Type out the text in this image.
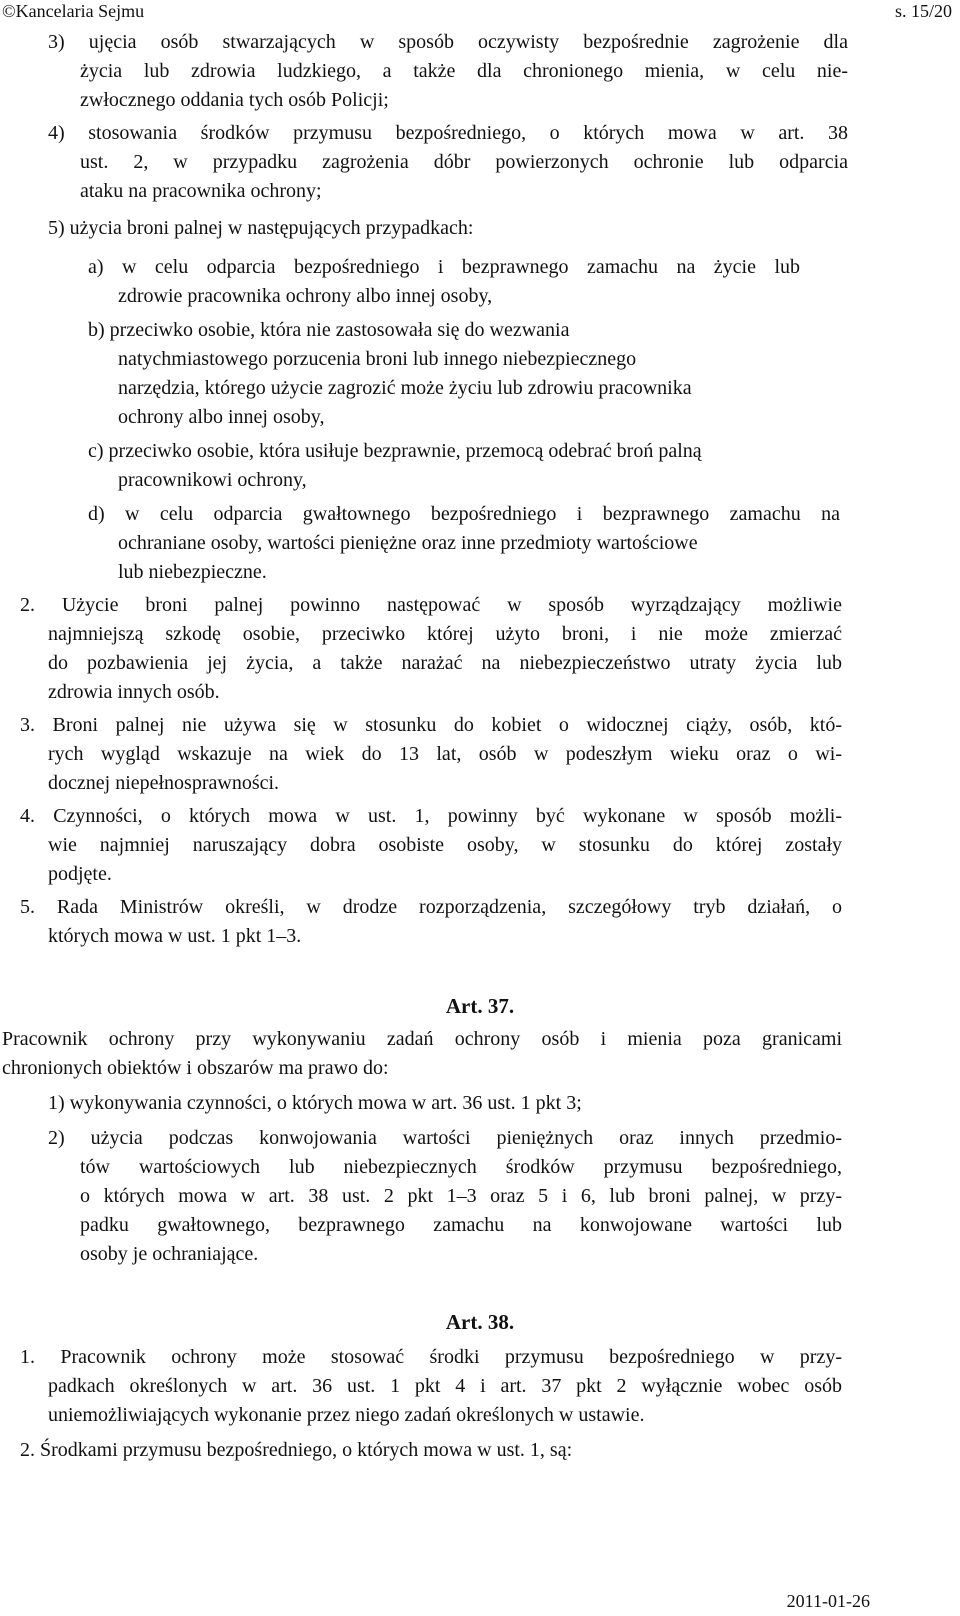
©Kancelaria Sejmu	s. 15/20
3) ujęcia osób stwarzających w sposób oczywisty bezpośrednie zagrożenie dla
życia lub zdrowia ludzkiego, a także dla chronionego mienia, w celu nie-
zwłocznego oddania tych osób Policji;
4) stosowania środków przymusu bezpośredniego, o których mowa w art. 38
ust. 2, w przypadku zagrożenia dóbr powierzonych ochronie lub odparcia
ataku na pracownika ochrony;
5) użycia broni palnej w następujących przypadkach:
a) w celu odparcia bezpośredniego i bezprawnego zamachu na życie lub
zdrowie pracownika ochrony albo innej osoby,
b) przeciwko osobie, która nie zastosowała się do wezwania
natychmiastowego porzucenia broni lub innego niebezpiecznego
narzędzia, którego użycie zagrozić może życiu lub zdrowiu pracownika
ochrony albo innej osoby,
c) przeciwko osobie, która usiłuje bezprawnie, przemocą odebrać broń palną
pracownikowi ochrony,
d) w celu odparcia gwałtownego bezpośredniego i bezprawnego zamachu na
ochraniane osoby, wartości pieniężne oraz inne przedmioty wartościowe
lub niebezpieczne.
2. Użycie broni palnej powinno następować w sposób wyrządzający możliwie
najmniejszą szkodę osobie, przeciwko której użyto broni, i nie może zmierzać
do pozbawienia jej życia, a także narażać na niebezpieczeństwo utraty życia lub
zdrowia innych osób.
3. Broni palnej nie używa się w stosunku do kobiet o widocznej ciąży, osób, któ-
rych wygląd wskazuje na wiek do 13 lat, osób w podeszłym wieku oraz o wi-
docznej niepełnosprawności.
4. Czynności, o których mowa w ust. 1, powinny być wykonane w sposób możli-
wie najmniej naruszający dobra osobiste osoby, w stosunku do której zostały
podjęte.
5. Rada Ministrów określi, w drodze rozporządzenia, szczegółowy tryb działań, o
których mowa w ust. 1 pkt 1–3.
Art. 37.
Pracownik ochrony przy wykonywaniu zadań ochrony osób i mienia poza granicami
chronionych obiektów i obszarów ma prawo do:
1) wykonywania czynności, o których mowa w art. 36 ust. 1 pkt 3;
2) użycia podczas konwojowania wartości pieniężnych oraz innych przedmio-
tów wartościowych lub niebezpiecznych środków przymusu bezpośredniego,
o których mowa w art. 38 ust. 2 pkt 1–3 oraz 5 i 6, lub broni palnej, w przy-
padku gwałtownego, bezprawnego zamachu na konwojowane wartości lub
osoby je ochraniające.
Art. 38.
1. Pracownik ochrony może stosować środki przymusu bezpośredniego w przy-
padkach określonych w art. 36 ust. 1 pkt 4 i art. 37 pkt 2 wyłącznie wobec osób
uniemożliwiających wykonanie przez niego zadań określonych w ustawie.
2. Środkami przymusu bezpośredniego, o których mowa w ust. 1, są:
2011-01-26
